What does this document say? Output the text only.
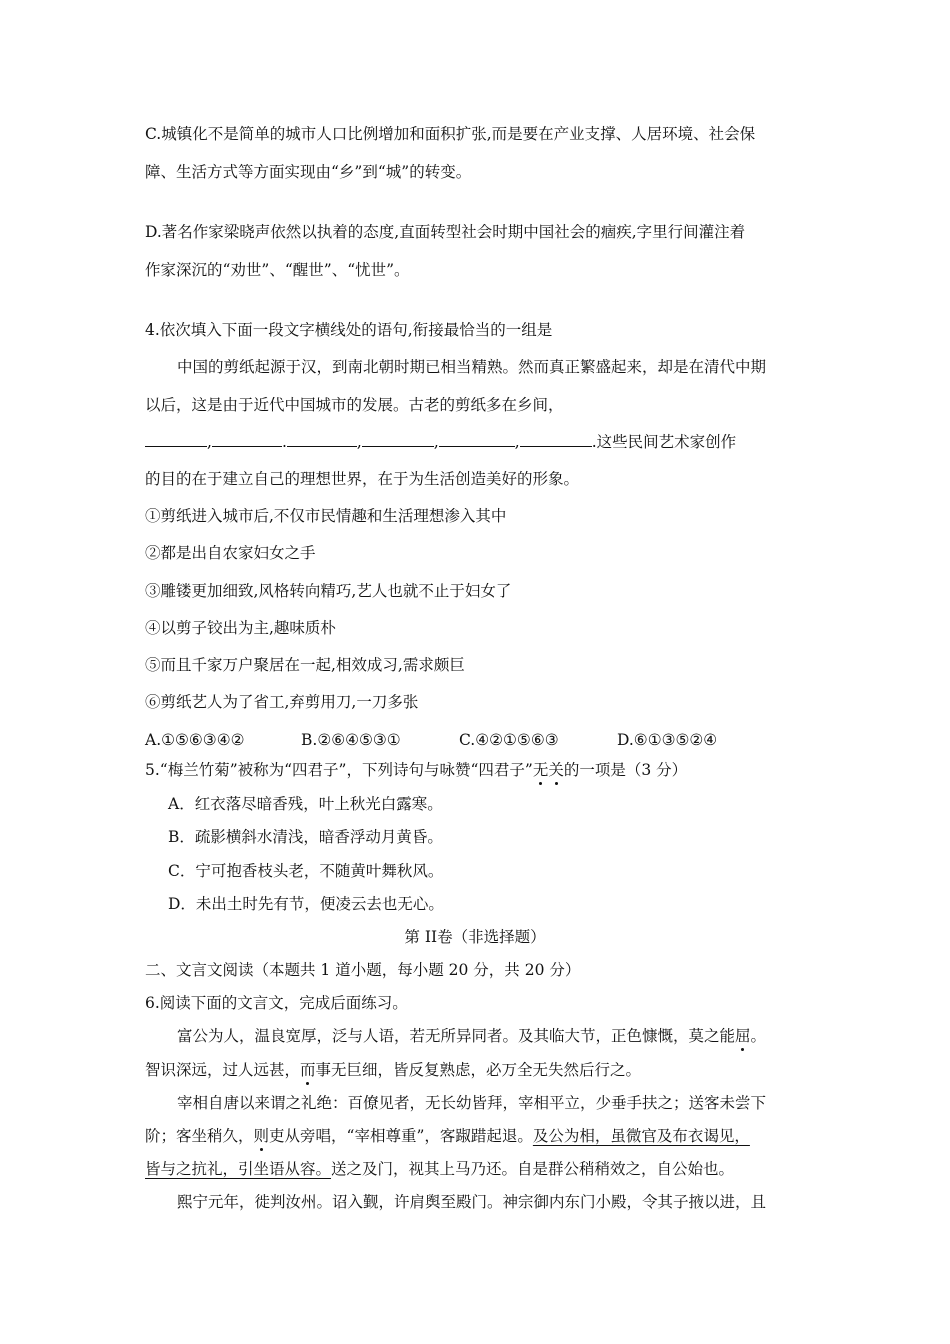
C.城镇化不是简单的城市人口比例增加和面积扩张,而是要在产业支撑、人居环境、社会保
障、生活方式等方面实现由“乡”到“城”的转变。
D.著名作家梁晓声依然以执着的态度,直面转型社会时期中国社会的痼疾,字里行间灌注着
作家深沉的“劝世”、“醒世”、“忧世”。
4.依次填入下面一段文字横线处的语句,衔接最恰当的一组是
中国的剪纸起源于汉，到南北朝时期已相当精熟。然而真正繁盛起来，却是在清代中期
以后，这是由于近代中国城市的发展。古老的剪纸多在乡间，
,	.	,	,	,	.这些民间艺术家创作
的目的在于建立自己的理想世界，在于为生活创造美好的形象。
①剪纸进入城市后,不仅市民情趣和生活理想渗入其中
②都是出自农家妇女之手
③雕镂更加细致,风格转向精巧,艺人也就不止于妇女了
④以剪子铰出为主,趣味质朴
⑤而且千家万户聚居在一起,相效成习,需求颇巨
⑥剪纸艺人为了省工,弃剪用刀,一刀多张
A.①⑤⑥③④②	B.②⑥④⑤③①	C.④②①⑤⑥③	D.⑥①③⑤②④
5.“梅兰竹菊”被称为“四君子”，下列诗句与咏赞“四君子”无关的一项是（3 分）
A．红衣落尽暗香残，叶上秋光白露寒。
B．疏影横斜水清浅，暗香浮动月黄昏。
C．宁可抱香枝头老，不随黄叶舞秋风。
D．未出土时先有节，便凌云去也无心。
第 II卷（非选择题）
二、文言文阅读（本题共 1 道小题，每小题 20 分，共 20 分）
6.阅读下面的文言文，完成后面练习。
富公为人，温良宽厚，泛与人语，若无所异同者。及其临大节，正色慷慨，莫之能屈。
智识深远，过人远甚，而事无巨细，皆反复熟虑，必万全无失然后行之。
宰相自唐以来谓之礼绝：百僚见者，无长幼皆拜，宰相平立，少垂手扶之；送客未尝下
阶；客坐稍久，则吏从旁唱，“宰相尊重”，客踧踖起退。及公为相，虽微官及布衣谒见，
皆与之抗礼，引坐语从容。送之及门，视其上马乃还。自是群公稍稍效之，自公始也。
熙宁元年，徙判汝州。诏入觐，许肩舆至殿门。神宗御内东门小殿，令其子掖以进，且
